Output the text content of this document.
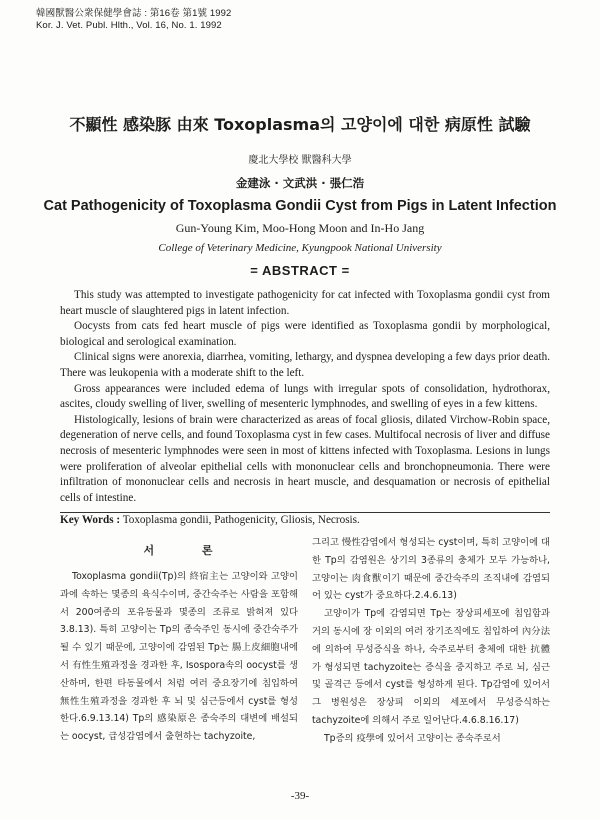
韓國獸醫公衆保健學會誌 : 第16卷 第1號 1992
Kor. J. Vet. Publ. Hlth., Vol. 16, No. 1. 1992
不顯性 感染豚 由來 Toxoplasma의 고양이에 대한 病原性 試驗
慶北大學校 獸醫科大學
金建泳 · 文武洪 · 張仁浩
Cat Pathogenicity of Toxoplasma Gondii Cyst from Pigs in Latent Infection
Gun-Young Kim, Moo-Hong Moon and In-Ho Jang
College of Veterinary Medicine, Kyungpook National University
= ABSTRACT =

This study was attempted to investigate pathogenicity for cat infected with Toxoplasma gondii cyst from heart muscle of slaughtered pigs in latent infection.

Oocysts from cats fed heart muscle of pigs were identified as Toxoplasma gondii by morphological, biological and serological examination.

Clinical signs were anorexia, diarrhea, vomiting, lethargy, and dyspnea developing a few days prior death. There was leukopenia with a moderate shift to the left.

Gross appearances were included edema of lungs with irregular spots of consolidation, hydrothorax, ascites, cloudy swelling of liver, swelling of mesenteric lymphnodes, and swelling of eyes in a few kittens.

Histologically, lesions of brain were characterized as areas of focal gliosis, dilated Virchow-Robin space, degeneration of nerve cells, and found Toxoplasma cyst in few cases. Multifocal necrosis of liver and diffuse necrosis of mesenteric lymphnodes were seen in most of kittens infected with Toxoplasma. Lesions in lungs were proliferation of alveolar epithelial cells with mononuclear cells and bronchopneumonia. There were infiltration of mononuclear cells and necrosis in heart muscle, and desquamation or necrosis of epithelial cells of intestine.

Key Words : Toxoplasma gondii, Pathogenicity, Gliosis, Necrosis.
서 론

Toxoplasma gondii(Tp)의 終宿主는 고양이와 고양이과에 속하는 몇종의 육식수이며, 중간숙주는 사람을 포함해서 200여종의 포유동물과 몇종의 조류로 밝혀져 있다3.8.13). 특히 고양이는 Tp의 종숙주인 동시에 중간숙주가 될 수 있기 때문에, 고양이에 감염된 Tp는 腸上皮細胞내에서 有性生殖과정을 경과한 후, Isospora속의 oocyst를 생산하며, 한편 타동물에서 처럼 여러 중요장기에 침입하여 無性生殖과정을 경과한 후 뇌 및 심근등에서 cyst를 형성한다.6.9.13.14) Tp의 感染原은 종숙주의 대변에 배설되는 oocyst, 급성감염에서 출현하는 tachyzoite,

그리고 慢性감염에서 형성되는 cyst이며, 특히 고양이에 대한 Tp의 감염원은 상기의 3종류의 충체가 모두 가능하나, 고양이는 肉食獸이기 때문에 중간숙주의 조직내에 감염되어 있는 cyst가 중요하다.2.4.6.13)

고양이가 Tp에 감염되면 Tp는 장상피세포에 침입함과 거의 동시에 장 이외의 여러 장기조직에도 침입하여 內分法에 의하여 무성증식을 하나, 숙주로부터 충체에 대한 抗體가 형성되면 tachyzoite는 증식을 중지하고 주로 뇌, 심근 및 골격근 등에서 cyst를 형성하게 된다. Tp감염에 있어서 그 병원성은 장상피 이외의 세포에서 무성증식하는 tachyzoite에 의해서 주로 일어난다.4.6.8.16.17)

Tp증의 疫學에 있어서 고양이는 종숙주로서

-39-
